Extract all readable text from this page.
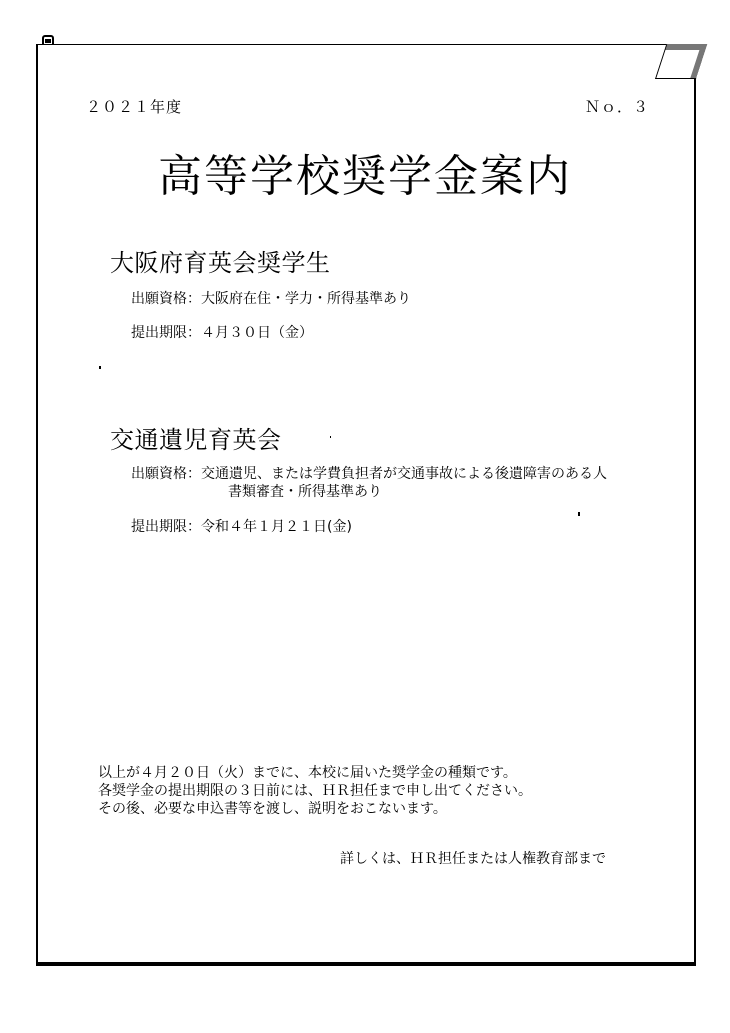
２０２１年度	Ｎｏ．３
高等学校奨学金案内
大阪府育英会奨学生
出願資格：大阪府在住・学力・所得基準あり
提出期限：４月３０日（金）
交通遺児育英会
出願資格：交通遺児、または学費負担者が交通事故による後遺障害のある人
書類審査・所得基準あり
提出期限：令和４年１月２１日(金)
以上が４月２０日（火）までに、本校に届いた奨学金の種類です。
各奨学金の提出期限の３日前には、ＨＲ担任まで申し出てください。
その後、必要な申込書等を渡し、説明をおこないます。
詳しくは、ＨＲ担任または人権教育部まで
